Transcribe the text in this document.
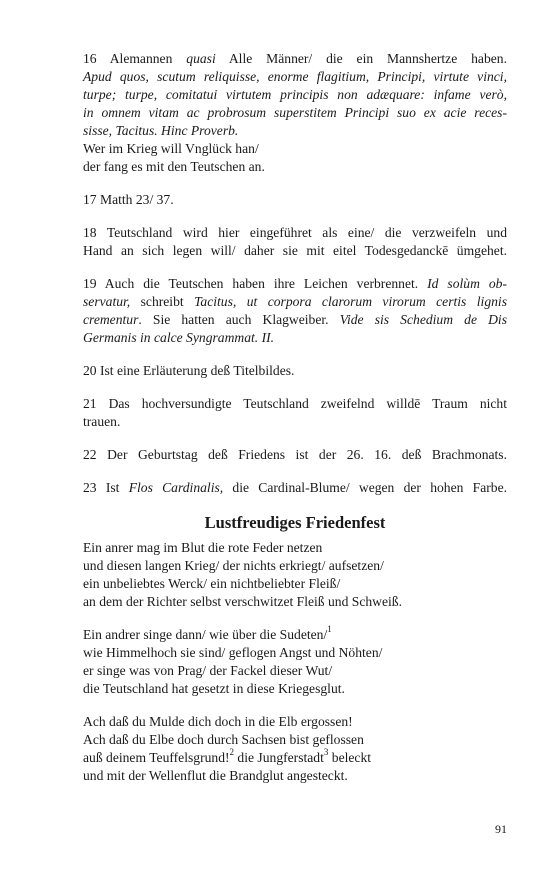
16 Alemannen quasi Alle Männer/ die ein Mannshertze haben.
Apud quos, scutum reliquisse, enorme flagitium, Principi, virtute vinci,
turpe; turpe, comitatui virtutem principis non adæquare: infame verò,
in omnem vitam ac probrosum superstitem Principi suo ex acie reces-
sisse, Tacitus. Hinc Proverb.
Wer im Krieg will Vnglück han/
der fang es mit den Teutschen an.
17 Matth 23/ 37.
18 Teutschland wird hier eingeführet als eine/ die verzweifeln und
Hand an sich legen will/ daher sie mit eitel Todesgedanckē ümgehet.
19 Auch die Teutschen haben ihre Leichen verbrennet. Id solùm ob-
servatur, schreibt Tacitus, ut corpora clarorum virorum certis lignis
crementur. Sie hatten auch Klagweiber. Vide sis Schedium de Dis
Germanis in calce Syngrammat. II.
20 Ist eine Erläuterung deß Titelbildes.
21 Das hochversundigte Teutschland zweifelnd willdē Traum nicht
trauen.
22 Der Geburtstag deß Friedens ist der 26. 16. deß Brachmonats.
23 Ist Flos Cardinalis, die Cardinal-Blume/ wegen der hohen Farbe.
Lustfreudiges Friedenfest
Ein anrer mag im Blut die rote Feder netzen
und diesen langen Krieg/ der nichts erkriegt/ aufsetzen/
ein unbeliebtes Werck/ ein nichtbeliebter Fleiß/
an dem der Richter selbst verschwitzet Fleiß und Schweiß.
Ein andrer singe dann/ wie über die Sudeten/$^1$
wie Himmelhoch sie sind/ geflogen Angst und Nöhten/
er singe was von Prag/ der Fackel dieser Wut/
die Teutschland hat gesetzt in diese Kriegesglut.
Ach daß du Mulde dich doch in die Elb ergossen!
Ach daß du Elbe doch durch Sachsen bist geflossen
auß deinem Teuffelsgrund!$^2$ die Jungferstadt$^3$ beleckt
und mit der Wellenflut die Brandglut angesteckt.
91
